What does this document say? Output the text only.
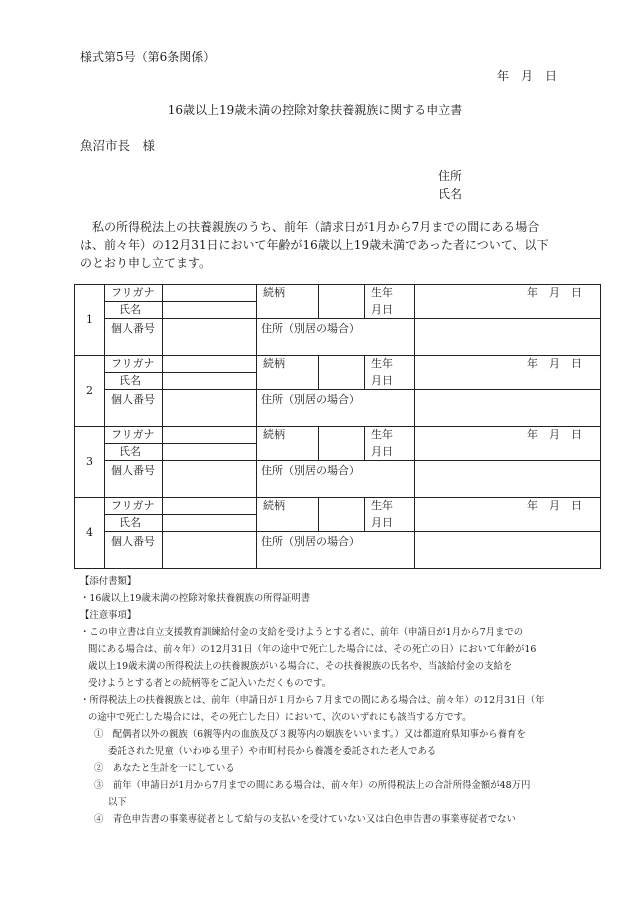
様式第5号（第6条関係）
年　月　日
16歳以上19歳未満の控除対象扶養親族に関する申立書
魚沼市長　様
住所
氏名

私の所得税法上の扶養親族のうち、前年（請求日が1月から7月までの間にある場合は、前々年）の12月31日において年齢が16歳以上19歳未満であった者について、以下のとおり申し立てます。

1	フリガナ		続柄		生年	年　月　日
	氏名				月日	
	個人番号		住所（別居の場合）			
2	フリガナ		続柄		生年	年　月　日
	氏名				月日	
	個人番号		住所（別居の場合）			
3	フリガナ		続柄		生年	年　月　日
	氏名				月日	
	個人番号		住所（別居の場合）			
4	フリガナ		続柄		生年	年　月　日
	氏名				月日	
	個人番号		住所（別居の場合）			
【添付書類】
・16歳以上19歳未満の控除対象扶養親族の所得証明書
【注意事項】
・この申立書は自立支援教育訓練給付金の支給を受けようとする者に、前年（申請日が1月から7月までの
間にある場合は、前々年）の12月31日（年の途中で死亡した場合には、その死亡の日）において年齢が16
歳以上19歳未満の所得税法上の扶養親族がいる場合に、その扶養親族の氏名や、当該給付金の支給を
受けようとする者との続柄等をご記入いただくものです。
・所得税法上の扶養親族とは、前年（申請日が１月から７月までの間にある場合は、前々年）の12月31日（年
の途中で死亡した場合には、その死亡した日）において、次のいずれにも該当する方です。
①　配偶者以外の親族（6親等内の血族及び３親等内の姻族をいいます。）又は都道府県知事から養育を
委託された児童（いわゆる里子）や市町村長から養護を委託された老人である
②　あなたと生計を一にしている
③　前年（申請日が1月から7月までの間にある場合は、前々年）の所得税法上の合計所得金額が48万円
以下
④　青色申告書の事業専従者として給与の支払いを受けていない又は白色申告書の事業専従者でない
